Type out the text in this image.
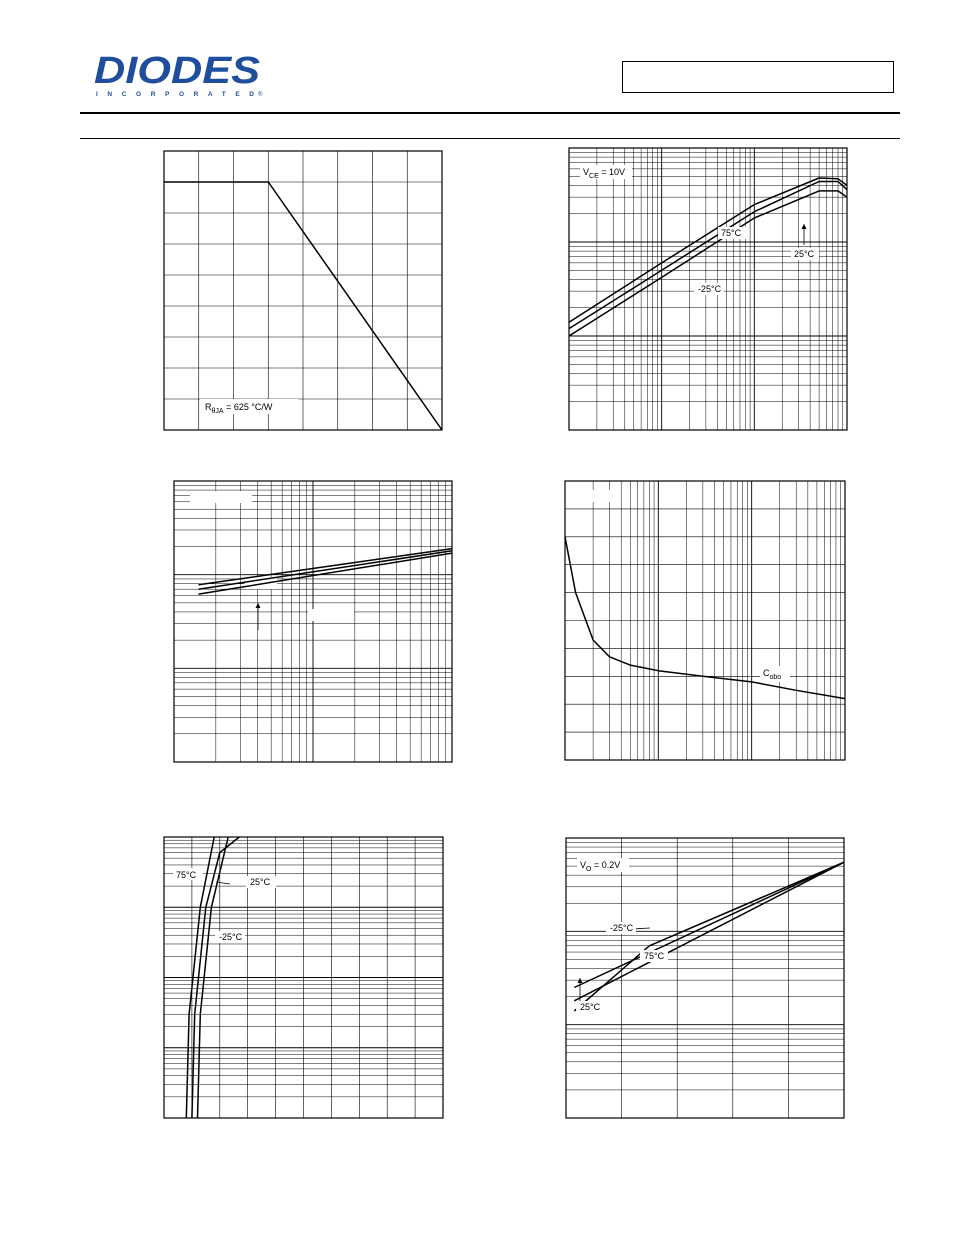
DIODES
INCORPORATED ®
$R_{\theta JA} = 625$ °C/W
$V_{CE} = 10V$
75°C
25°C
-25°C
$C_{obo}$
75°C
25°C
-25°C
$V_O = 0.2V$
-25°C
75°C
25°C
